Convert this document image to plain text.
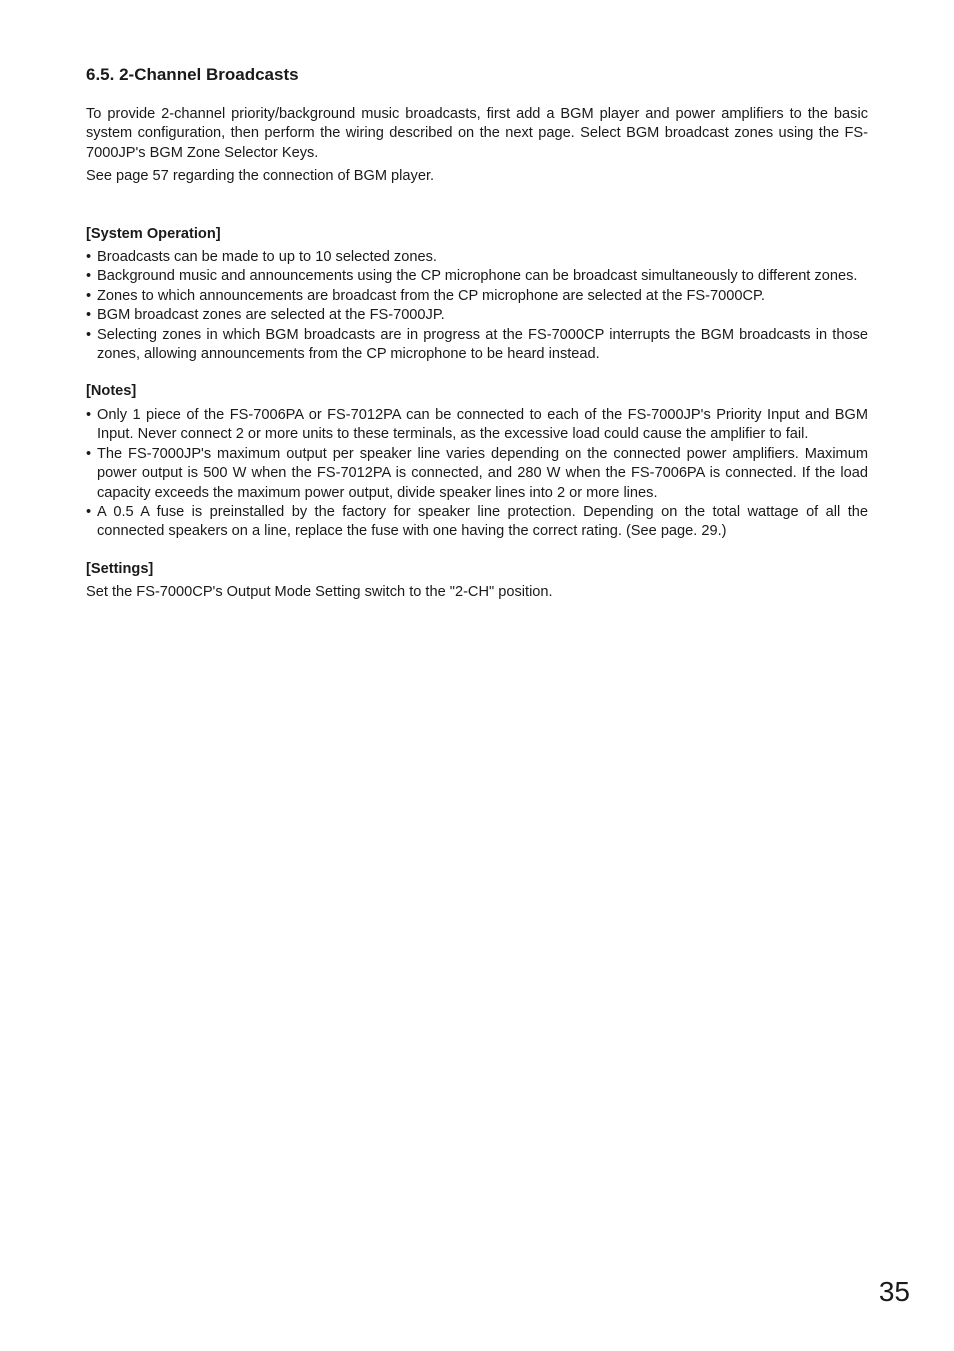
6.5. 2-Channel Broadcasts

To provide 2-channel priority/background music broadcasts, first add a BGM player and power amplifiers to the basic system configuration, then perform the wiring described on the next page. Select BGM broadcast zones using the FS-7000JP's BGM Zone Selector Keys.

See page 57 regarding the connection of BGM player.

[System Operation]
• Broadcasts can be made to up to 10 selected zones.
• Background music and announcements using the CP microphone can be broadcast simultaneously to different zones.
• Zones to which announcements are broadcast from the CP microphone are selected at the FS-7000CP.
• BGM broadcast zones are selected at the FS-7000JP.
• Selecting zones in which BGM broadcasts are in progress at the FS-7000CP interrupts the BGM broadcasts in those zones, allowing announcements from the CP microphone to be heard instead.
[Notes]
• Only 1 piece of the FS-7006PA or FS-7012PA can be connected to each of the FS-7000JP's Priority Input and BGM Input. Never connect 2 or more units to these terminals, as the excessive load could cause the amplifier to fail.
• The FS-7000JP's maximum output per speaker line varies depending on the connected power amplifiers. Maximum power output is 500 W when the FS-7012PA is connected, and 280 W when the FS-7006PA is connected. If the load capacity exceeds the maximum power output, divide speaker lines into 2 or more lines.
• A 0.5 A fuse is preinstalled by the factory for speaker line protection. Depending on the total wattage of all the connected speakers on a line, replace the fuse with one having the correct rating. (See page. 29.)
[Settings]

Set the FS-7000CP's Output Mode Setting switch to the "2-CH" position.

35
